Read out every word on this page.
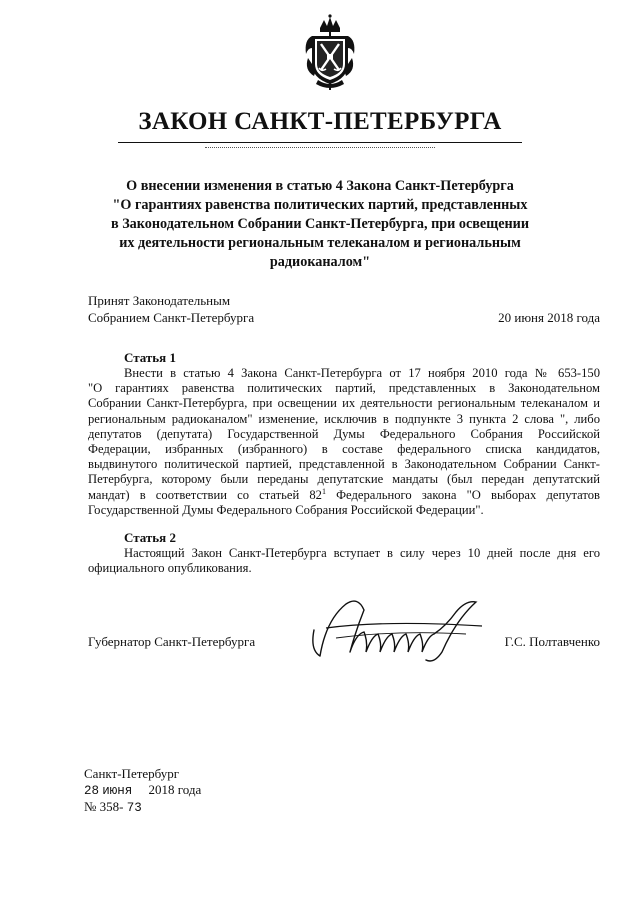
ЗАКОН САНКТ-ПЕТЕРБУРГА
О внесении изменения в статью 4 Закона Санкт-Петербурга
"О гарантиях равенства политических партий, представленных
в Законодательном Собрании Санкт-Петербурга, при освещении
их деятельности региональным телеканалом и региональным
радиоканалом"
Принят Законодательным
Собранием Санкт-Петербурга	20 июня 2018 года
Статья 1
Внести в статью 4 Закона Санкт-Петербурга от 17 ноября 2010 года № 653-150
"О гарантиях равенства политических партий, представленных в Законодательном
Собрании Санкт-Петербурга, при освещении их деятельности региональным телеканалом и
региональным радиоканалом" изменение, исключив в подпункте 3 пункта 2 слова ", либо
депутатов (депутата) Государственной Думы Федерального Собрания Российской
Федерации, избранных (избранного) в составе федерального списка кандидатов,
выдвинутого политической партией, представленной в Законодательном Собрании Санкт-
Петербурга, которому были переданы депутатские мандаты (был передан депутатский
мандат) в соответствии со статьей $82^1$ Федерального закона "О выборах депутатов
Государственной Думы Федерального Собрания Российской Федерации".
Статья 2
Настоящий Закон Санкт-Петербурга вступает в силу через 10 дней после дня его
официального опубликования.
Губернатор Санкт-Петербурга	Г.С. Полтавченко
Санкт-Петербург
28 июня 2018 года
№ 358- 73
